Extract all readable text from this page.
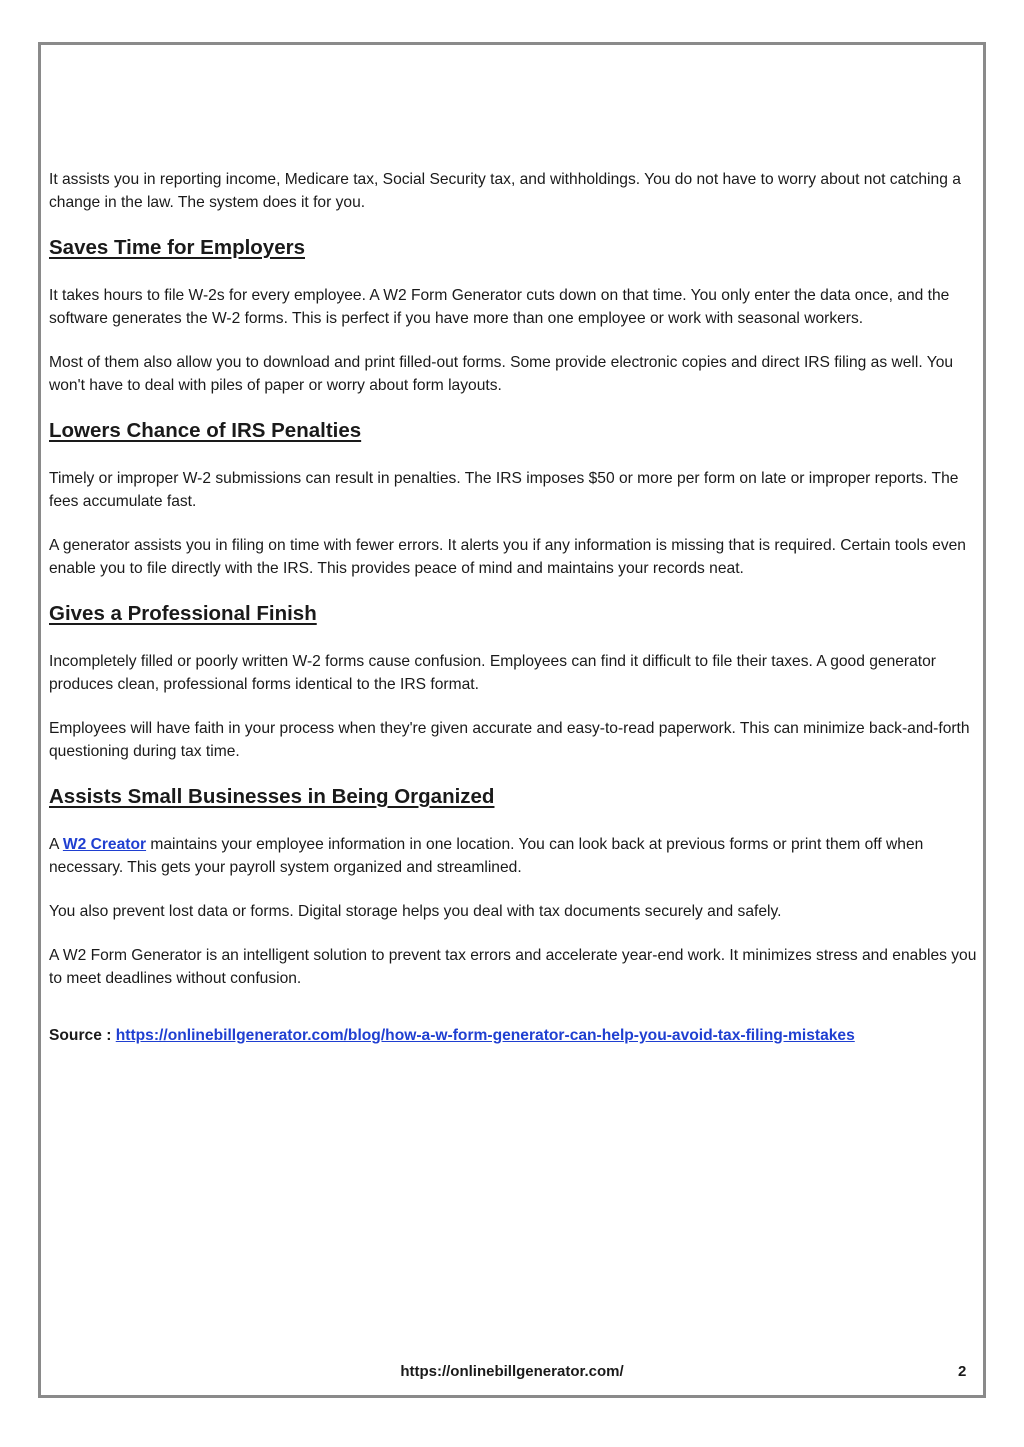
It assists you in reporting income, Medicare tax, Social Security tax, and withholdings. You do not have to worry about not catching a change in the law. The system does it for you.

Saves Time for Employers

It takes hours to file W-2s for every employee. A W2 Form Generator cuts down on that time. You only enter the data once, and the software generates the W-2 forms. This is perfect if you have more than one employee or work with seasonal workers.

Most of them also allow you to download and print filled-out forms. Some provide electronic copies and direct IRS filing as well. You won't have to deal with piles of paper or worry about form layouts.

Lowers Chance of IRS Penalties

Timely or improper W-2 submissions can result in penalties. The IRS imposes $50 or more per form on late or improper reports. The fees accumulate fast.

A generator assists you in filing on time with fewer errors. It alerts you if any information is missing that is required. Certain tools even enable you to file directly with the IRS. This provides peace of mind and maintains your records neat.

Gives a Professional Finish

Incompletely filled or poorly written W-2 forms cause confusion. Employees can find it difficult to file their taxes. A good generator produces clean, professional forms identical to the IRS format.

Employees will have faith in your process when they're given accurate and easy-to-read paperwork. This can minimize back-and-forth questioning during tax time.

Assists Small Businesses in Being Organized

A W2 Creator maintains your employee information in one location. You can look back at previous forms or print them off when necessary. This gets your payroll system organized and streamlined.

You also prevent lost data or forms. Digital storage helps you deal with tax documents securely and safely.

A W2 Form Generator is an intelligent solution to prevent tax errors and accelerate year-end work. It minimizes stress and enables you to meet deadlines without confusion.

Source : https://onlinebillgenerator.com/blog/how-a-w-form-generator-can-help-you-avoid-tax-filing-mistakes

https://onlinebillgenerator.com/	2
